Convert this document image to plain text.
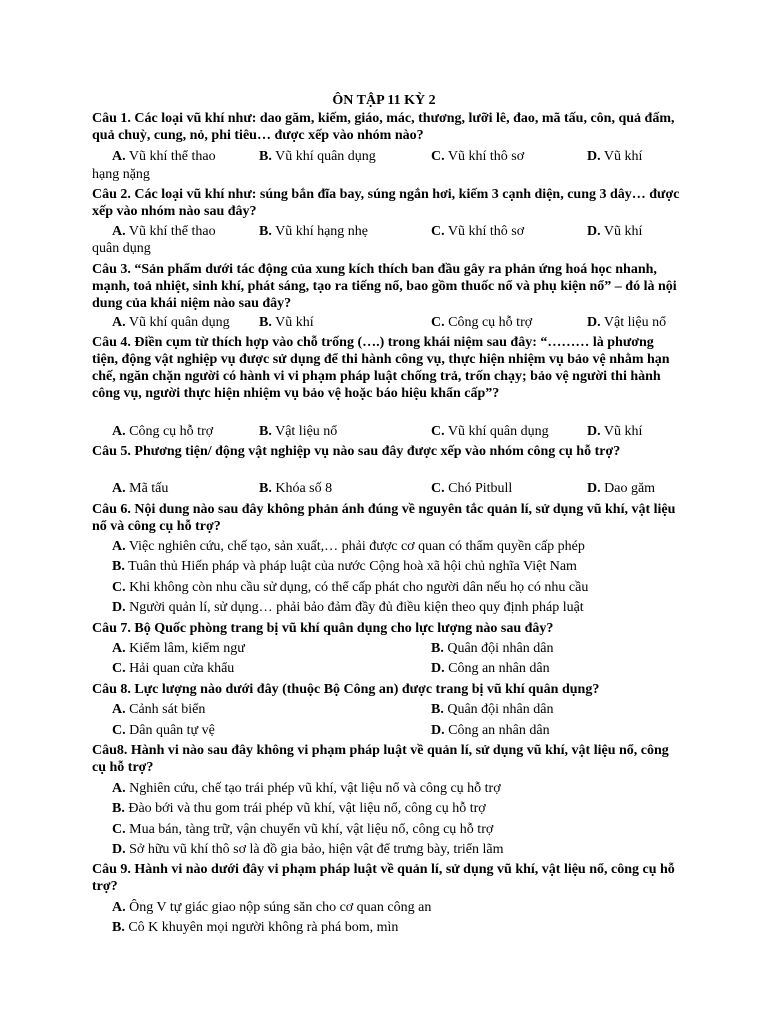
ÔN TẬP 11 KỲ 2
Câu 1. Các loại vũ khí như: dao găm, kiếm, giáo, mác, thương, lưỡi lê, đao, mã tấu, côn, quả đấm, quả chuỳ, cung, nỏ, phi tiêu… được xếp vào nhóm nào?
A. Vũ khí thể thao	B. Vũ khí quân dụng	C. Vũ khí thô sơ	D. Vũ khí
hạng nặng
Câu 2. Các loại vũ khí như: súng bắn đĩa bay, súng ngắn hơi, kiếm 3 cạnh diện, cung 3 dây… được xếp vào nhóm nào sau đây?
A. Vũ khí thể thao	B. Vũ khí hạng nhẹ	C. Vũ khí thô sơ	D. Vũ khí
quân dụng
Câu 3. “Sản phẩm dưới tác động của xung kích thích ban đầu gây ra phản ứng hoá học nhanh, mạnh, toả nhiệt, sinh khí, phát sáng, tạo ra tiếng nổ, bao gồm thuốc nổ và phụ kiện nổ” – đó là nội dung của khái niệm nào sau đây?
A. Vũ khí quân dụng B. Vũ khí	C. Công cụ hỗ trợ	D. Vật liệu nổ
Câu 4. Điền cụm từ thích hợp vào chỗ trống (….) trong khái niệm sau đây: “……… là phương tiện, động vật nghiệp vụ được sử dụng để thi hành công vụ, thực hiện nhiệm vụ bảo vệ nhằm hạn chế, ngăn chặn người có hành vi vi phạm pháp luật chống trả, trốn chạy; bảo vệ người thi hành công vụ, người thực hiện nhiệm vụ bảo vệ hoặc báo hiệu khẩn cấp”?
A. Công cụ hỗ trợ	B. Vật liệu nổ	C. Vũ khí quân dụng	D. Vũ khí
Câu 5. Phương tiện/ động vật nghiệp vụ nào sau đây được xếp vào nhóm công cụ hỗ trợ?
A. Mã tấu	B. Khóa số 8	C. Chó Pitbull	D. Dao găm
Câu 6. Nội dung nào sau đây không phản ánh đúng về nguyên tắc quản lí, sử dụng vũ khí, vật liệu nổ và công cụ hỗ trợ?
A. Việc nghiên cứu, chế tạo, sản xuất,… phải được cơ quan có thẩm quyền cấp phép
B. Tuân thủ Hiến pháp và pháp luật của nước Cộng hoà xã hội chủ nghĩa Việt Nam
C. Khi không còn nhu cầu sử dụng, có thể cấp phát cho người dân nếu họ có nhu cầu
D. Người quản lí, sử dụng… phải bảo đảm đầy đủ điều kiện theo quy định pháp luật
Câu 7. Bộ Quốc phòng trang bị vũ khí quân dụng cho lực lượng nào sau đây?
A. Kiểm lâm, kiểm ngư	B. Quân đội nhân dân
C. Hải quan cửa khẩu	D. Công an nhân dân
Câu 8. Lực lượng nào dưới đây (thuộc Bộ Công an) được trang bị vũ khí quân dụng?
A. Cảnh sát biển	B. Quân đội nhân dân
C. Dân quân tự vệ	D. Công an nhân dân
Câu8. Hành vi nào sau đây không vi phạm pháp luật về quản lí, sử dụng vũ khí, vật liệu nổ, công cụ hỗ trợ?
A. Nghiên cứu, chế tạo trái phép vũ khí, vật liệu nổ và công cụ hỗ trợ
B. Đào bới và thu gom trái phép vũ khí, vật liệu nổ, công cụ hỗ trợ
C. Mua bán, tàng trữ, vận chuyển vũ khí, vật liệu nổ, công cụ hỗ trợ
D. Sở hữu vũ khí thô sơ là đồ gia bảo, hiện vật để trưng bày, triển lãm
Câu 9. Hành vi nào dưới đây vi phạm pháp luật về quản lí, sử dụng vũ khí, vật liệu nổ, công cụ hỗ trợ?
A. Ông V tự giác giao nộp súng săn cho cơ quan công an
B. Cô K khuyên mọi người không rà phá bom, mìn
